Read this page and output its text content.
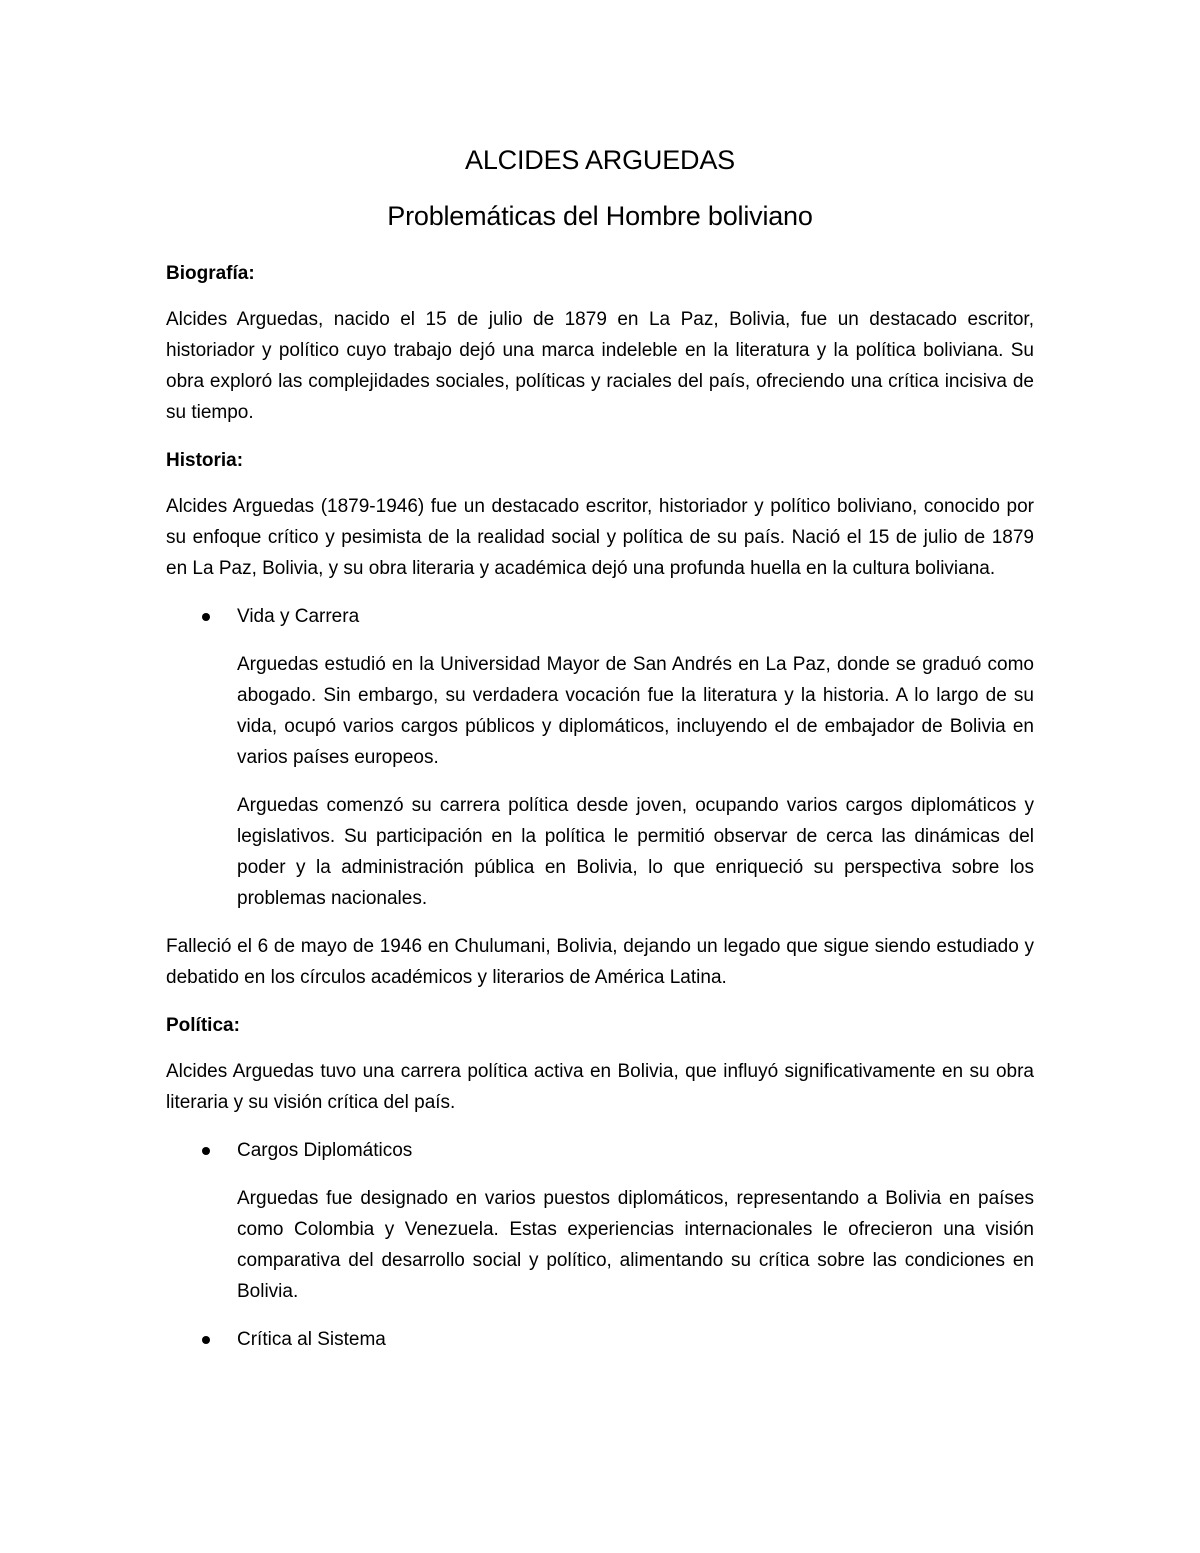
ALCIDES ARGUEDAS
Problemáticas del Hombre boliviano
Biografía:
Alcides Arguedas, nacido el 15 de julio de 1879 en La Paz, Bolivia, fue un destacado escritor, historiador y político cuyo trabajo dejó una marca indeleble en la literatura y la política boliviana. Su obra exploró las complejidades sociales, políticas y raciales del país, ofreciendo una crítica incisiva de su tiempo.
Historia:
Alcides Arguedas (1879-1946) fue un destacado escritor, historiador y político boliviano, conocido por su enfoque crítico y pesimista de la realidad social y política de su país. Nació el 15 de julio de 1879 en La Paz, Bolivia, y su obra literaria y académica dejó una profunda huella en la cultura boliviana.
Vida y Carrera
Arguedas estudió en la Universidad Mayor de San Andrés en La Paz, donde se graduó como abogado. Sin embargo, su verdadera vocación fue la literatura y la historia. A lo largo de su vida, ocupó varios cargos públicos y diplomáticos, incluyendo el de embajador de Bolivia en varios países europeos.
Arguedas comenzó su carrera política desde joven, ocupando varios cargos diplomáticos y legislativos. Su participación en la política le permitió observar de cerca las dinámicas del poder y la administración pública en Bolivia, lo que enriqueció su perspectiva sobre los problemas nacionales.
Falleció el 6 de mayo de 1946 en Chulumani, Bolivia, dejando un legado que sigue siendo estudiado y debatido en los círculos académicos y literarios de América Latina.
Política:
Alcides Arguedas tuvo una carrera política activa en Bolivia, que influyó significativamente en su obra literaria y su visión crítica del país.
Cargos Diplomáticos
Arguedas fue designado en varios puestos diplomáticos, representando a Bolivia en países como Colombia y Venezuela. Estas experiencias internacionales le ofrecieron una visión comparativa del desarrollo social y político, alimentando su crítica sobre las condiciones en Bolivia.
Crítica al Sistema
